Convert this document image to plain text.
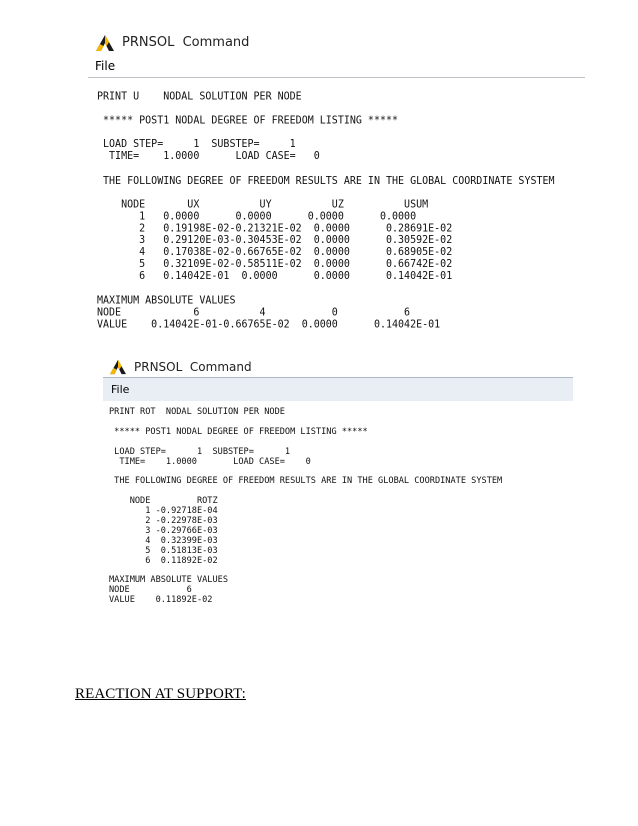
PRNSOL  Command
File
PRINT U    NODAL SOLUTION PER NODE

***** POST1 NODAL DEGREE OF FREEDOM LISTING *****

LOAD STEP=     1  SUBSTEP=     1
TIME=    1.0000      LOAD CASE=   0

THE FOLLOWING DEGREE OF FREEDOM RESULTS ARE IN THE GLOBAL COORDINATE SYSTEM

NODE       UX          UY          UZ          USUM
1   0.0000      0.0000      0.0000      0.0000
2   0.19198E-02-0.21321E-02  0.0000      0.28691E-02
3   0.29120E-03-0.30453E-02  0.0000      0.30592E-02
4   0.17038E-02-0.66765E-02  0.0000      0.68905E-02
5   0.32109E-02-0.58511E-02  0.0000      0.66742E-02
6   0.14042E-01  0.0000      0.0000      0.14042E-01

MAXIMUM ABSOLUTE VALUES
NODE            6          4           0           6
VALUE    0.14042E-01-0.66765E-02  0.0000      0.14042E-01
PRNSOL  Command
File
PRINT ROT  NODAL SOLUTION PER NODE

***** POST1 NODAL DEGREE OF FREEDOM LISTING *****

LOAD STEP=      1  SUBSTEP=      1
TIME=    1.0000       LOAD CASE=    0

THE FOLLOWING DEGREE OF FREEDOM RESULTS ARE IN THE GLOBAL COORDINATE SYSTEM

NODE         ROTZ
1 -0.92718E-04
2 -0.22978E-03
3 -0.29766E-03
4  0.32399E-03
5  0.51813E-03
6  0.11892E-02

MAXIMUM ABSOLUTE VALUES
NODE           6
VALUE    0.11892E-02
REACTION AT SUPPORT:
